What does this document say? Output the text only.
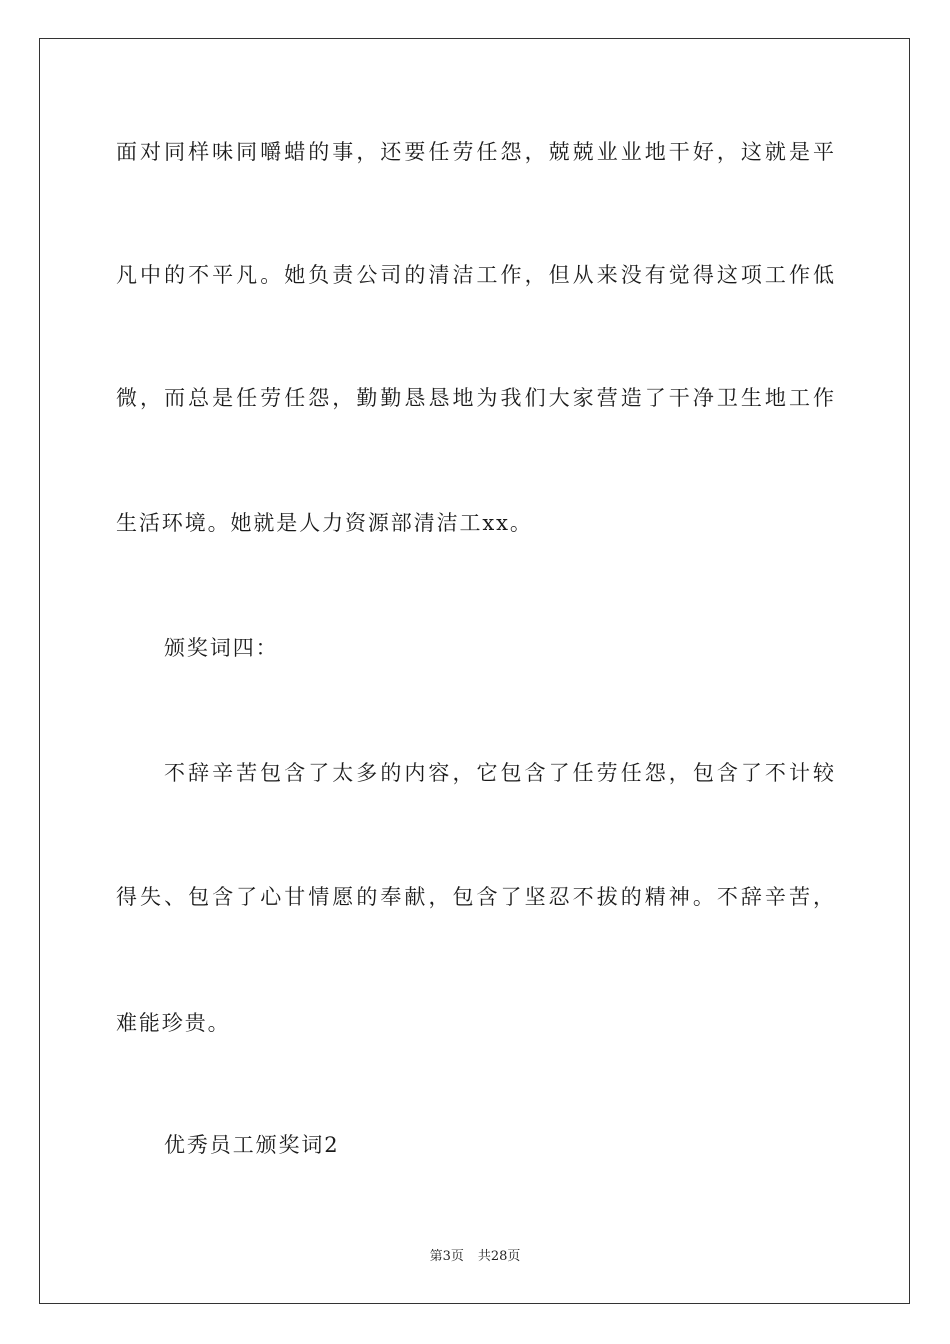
面对同样味同嚼蜡的事，还要任劳任怨，兢兢业业地干好，这就是平
凡中的不平凡。她负责公司的清洁工作，但从来没有觉得这项工作低
微，而总是任劳任怨，勤勤恳恳地为我们大家营造了干净卫生地工作
生活环境。她就是人力资源部清洁工xx。
颁奖词四：
不辞辛苦包含了太多的内容，它包含了任劳任怨，包含了不计较
得失、包含了心甘情愿的奉献，包含了坚忍不拔的精神。不辞辛苦，
难能珍贵。
优秀员工颁奖词2
第3页 共28页
